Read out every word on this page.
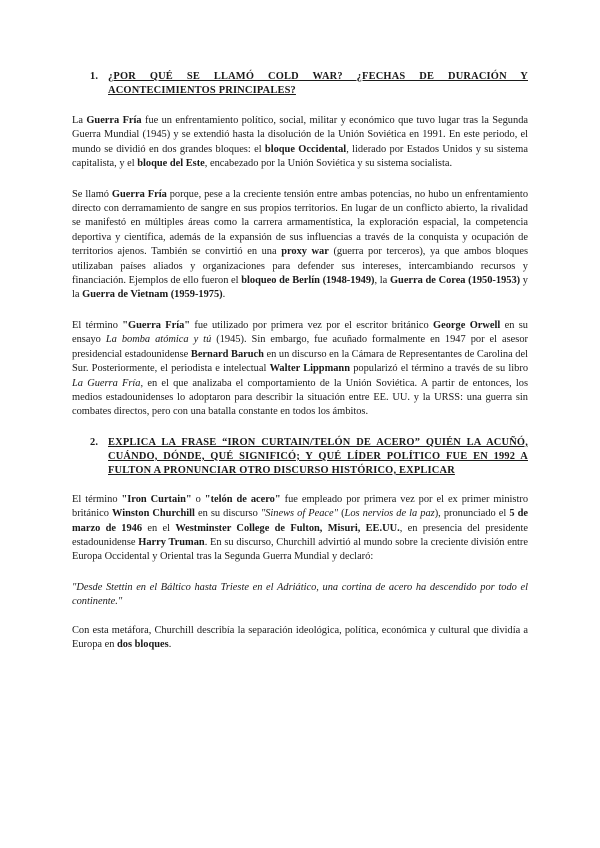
1. ¿POR QUÉ SE LLAMÓ COLD WAR? ¿FECHAS DE DURACIÓN Y ACONTECIMIENTOS PRINCIPALES?

La Guerra Fría fue un enfrentamiento político, social, militar y económico que tuvo lugar tras la Segunda Guerra Mundial (1945) y se extendió hasta la disolución de la Unión Soviética en 1991. En este periodo, el mundo se dividió en dos grandes bloques: el bloque Occidental, liderado por Estados Unidos y su sistema capitalista, y el bloque del Este, encabezado por la Unión Soviética y su sistema socialista.

Se llamó Guerra Fría porque, pese a la creciente tensión entre ambas potencias, no hubo un enfrentamiento directo con derramamiento de sangre en sus propios territorios. En lugar de un conflicto abierto, la rivalidad se manifestó en múltiples áreas como la carrera armamentística, la exploración espacial, la competencia deportiva y científica, además de la expansión de sus influencias a través de la conquista y ocupación de territorios ajenos. También se convirtió en una proxy war (guerra por terceros), ya que ambos bloques utilizaban países aliados y organizaciones para defender sus intereses, intercambiando recursos y financiación. Ejemplos de ello fueron el bloqueo de Berlín (1948-1949), la Guerra de Corea (1950-1953) y la Guerra de Vietnam (1959-1975).

El término "Guerra Fría" fue utilizado por primera vez por el escritor británico George Orwell en su ensayo La bomba atómica y tú (1945). Sin embargo, fue acuñado formalmente en 1947 por el asesor presidencial estadounidense Bernard Baruch en un discurso en la Cámara de Representantes de Carolina del Sur. Posteriormente, el periodista e intelectual Walter Lippmann popularizó el término a través de su libro La Guerra Fría, en el que analizaba el comportamiento de la Unión Soviética. A partir de entonces, los medios estadounidenses lo adoptaron para describir la situación entre EE. UU. y la URSS: una guerra sin combates directos, pero con una batalla constante en todos los ámbitos.

2. EXPLICA LA FRASE “IRON CURTAIN/TELÓN DE ACERO” QUIÉN LA ACUÑÓ, CUÁNDO, DÓNDE, QUÉ SIGNIFICÓ; Y QUÉ LÍDER POLÍTICO FUE EN 1992 A FULTON A PRONUNCIAR OTRO DISCURSO HISTÓRICO, EXPLICAR

El término "Iron Curtain" o "telón de acero" fue empleado por primera vez por el ex primer ministro británico Winston Churchill en su discurso "Sinews of Peace" (Los nervios de la paz), pronunciado el 5 de marzo de 1946 en el Westminster College de Fulton, Misuri, EE.UU., en presencia del presidente estadounidense Harry Truman. En su discurso, Churchill advirtió al mundo sobre la creciente división entre Europa Occidental y Oriental tras la Segunda Guerra Mundial y declaró:

"Desde Stettin en el Báltico hasta Trieste en el Adriático, una cortina de acero ha descendido por todo el continente."

Con esta metáfora, Churchill describía la separación ideológica, política, económica y cultural que dividía a Europa en dos bloques.
